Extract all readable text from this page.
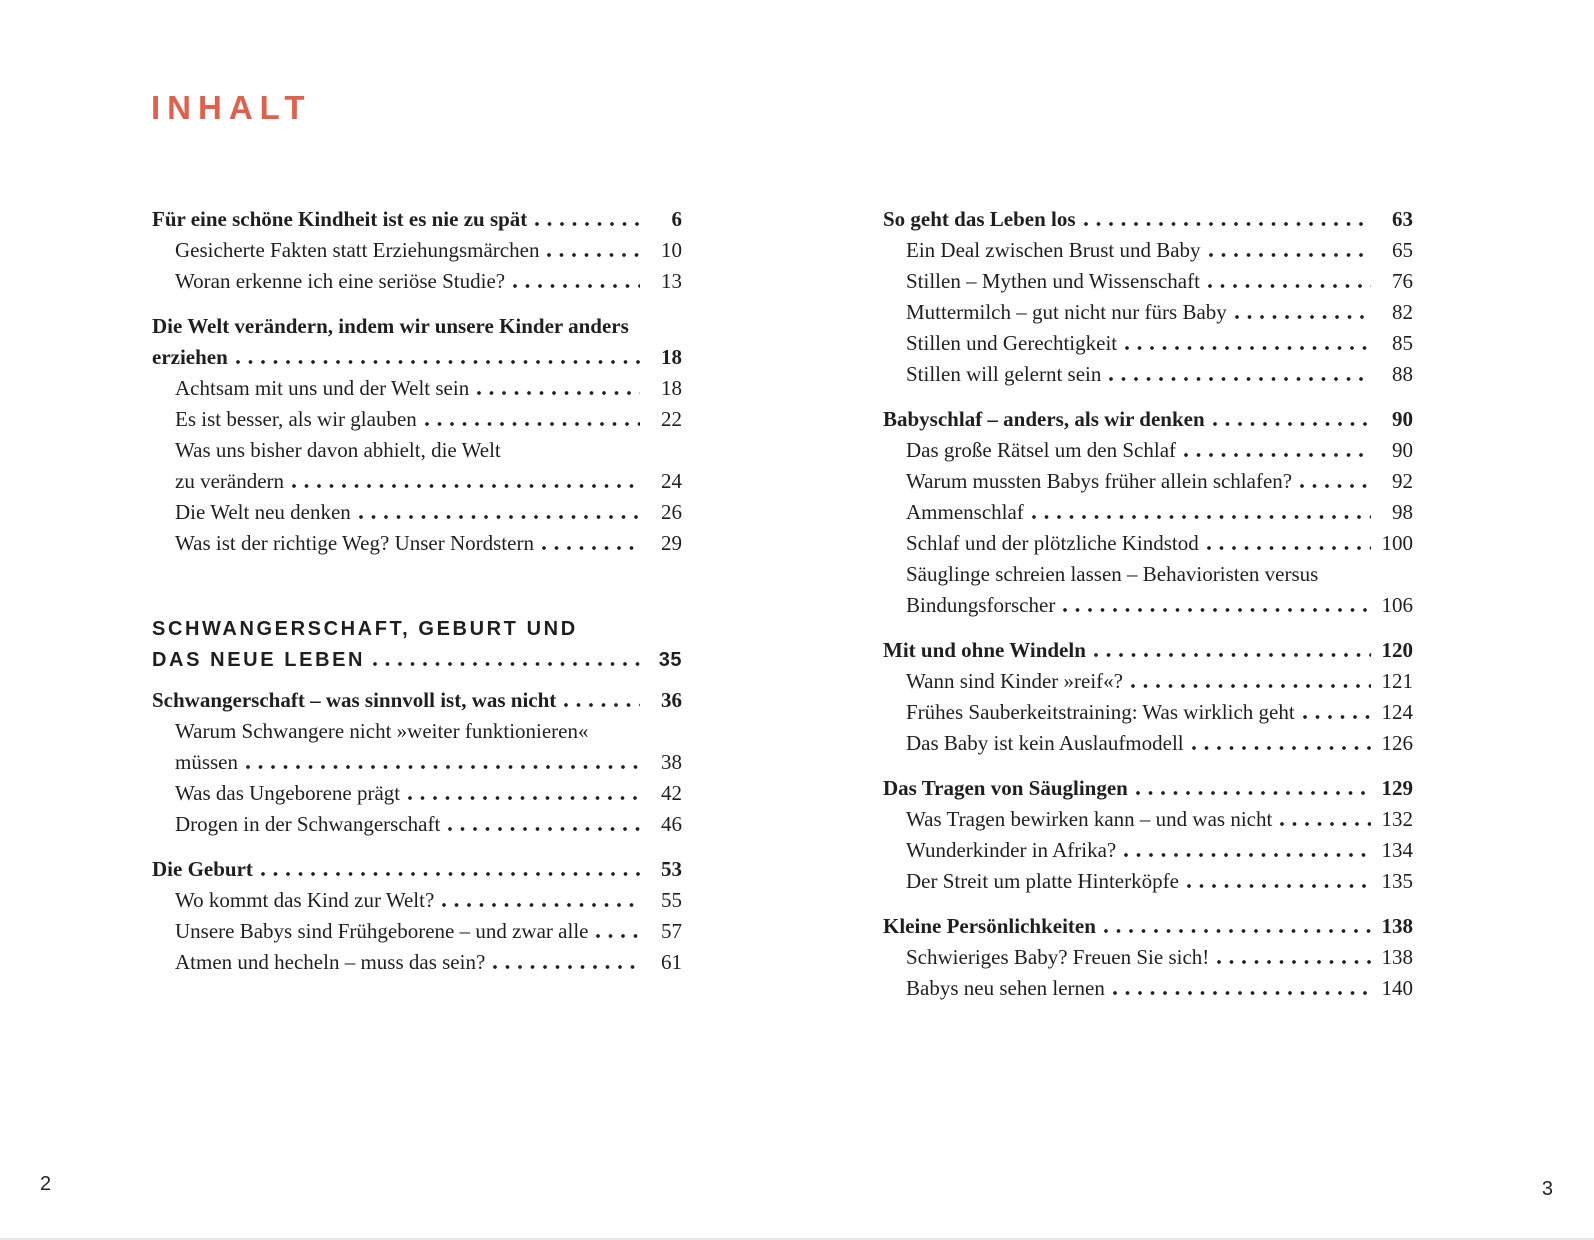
INHALT
Für eine schöne Kindheit ist es nie zu spät	6
Gesicherte Fakten statt Erziehungsmärchen	10
Woran erkenne ich eine seriöse Studie?	13
Die Welt verändern, indem wir unsere Kinder anders
erziehen	18
Achtsam mit uns und der Welt sein	18
Es ist besser, als wir glauben	22
Was uns bisher davon abhielt, die Welt
zu verändern	24
Die Welt neu denken	26
Was ist der richtige Weg? Unser Nordstern	29
SCHWANGERSCHAFT, GEBURT UND
DAS NEUE LEBEN	35
Schwangerschaft – was sinnvoll ist, was nicht	36
Warum Schwangere nicht »weiter funktionieren«
müssen	38
Was das Ungeborene prägt	42
Drogen in der Schwangerschaft	46
Die Geburt	53
Wo kommt das Kind zur Welt?	55
Unsere Babys sind Frühgeborene – und zwar alle	57
Atmen und hecheln – muss das sein?	61
So geht das Leben los	63
Ein Deal zwischen Brust und Baby	65
Stillen – Mythen und Wissenschaft	76
Muttermilch – gut nicht nur fürs Baby	82
Stillen und Gerechtigkeit	85
Stillen will gelernt sein	88
Babyschlaf – anders, als wir denken	90
Das große Rätsel um den Schlaf	90
Warum mussten Babys früher allein schlafen?	92
Ammenschlaf	98
Schlaf und der plötzliche Kindstod	100
Säuglinge schreien lassen – Behavioristen versus
Bindungsforscher	106
Mit und ohne Windeln	120
Wann sind Kinder »reif«?	121
Frühes Sauberkeitstraining: Was wirklich geht	124
Das Baby ist kein Auslaufmodell	126
Das Tragen von Säuglingen	129
Was Tragen bewirken kann – und was nicht	132
Wunderkinder in Afrika?	134
Der Streit um platte Hinterköpfe	135
Kleine Persönlichkeiten	138
Schwieriges Baby? Freuen Sie sich!	138
Babys neu sehen lernen	140
2	3
